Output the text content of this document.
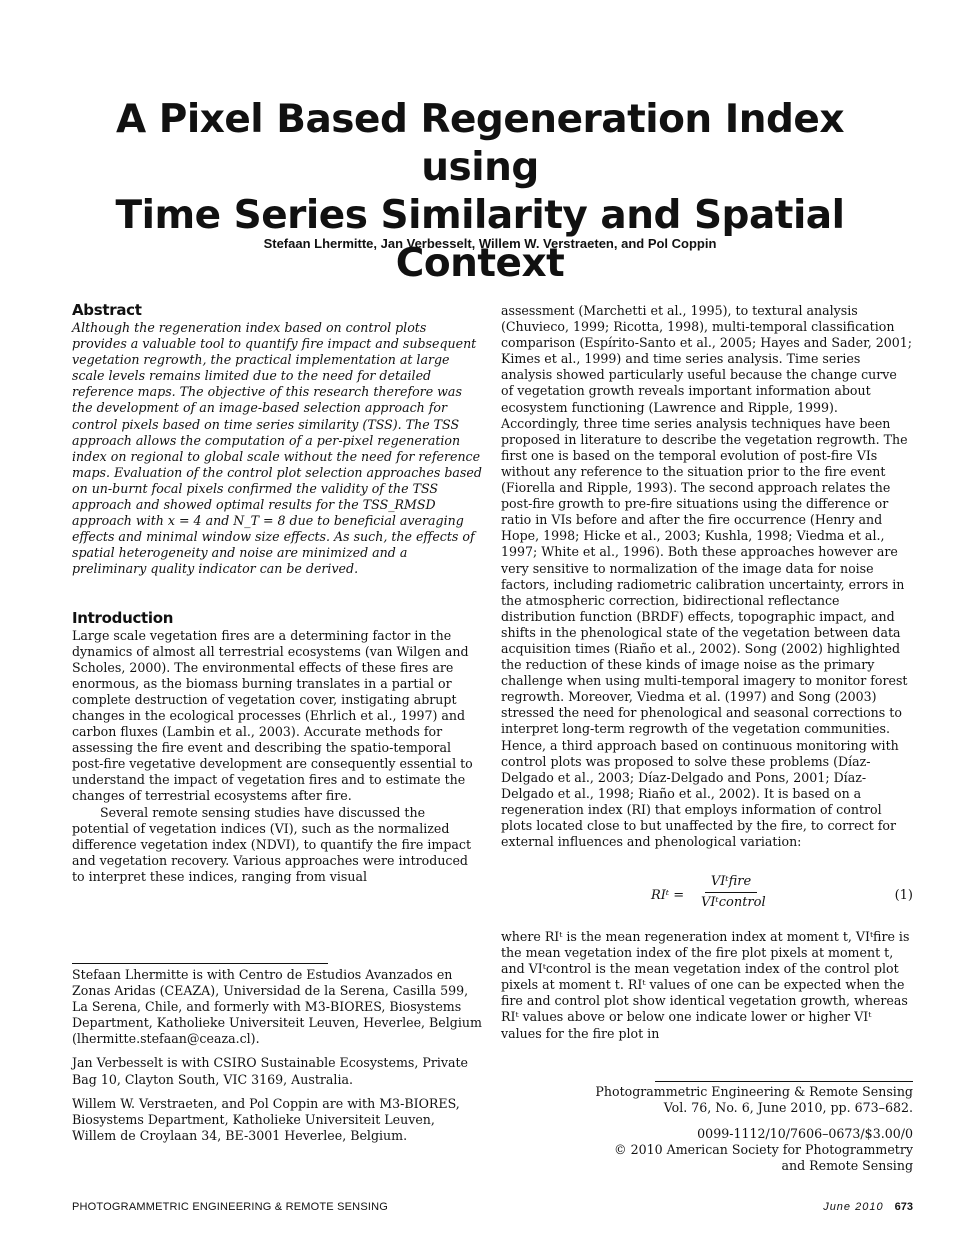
A Pixel Based Regeneration Index using
Time Series Similarity and Spatial Context
Stefaan Lhermitte, Jan Verbesselt, Willem W. Verstraeten, and Pol Coppin
Abstract

Although the regeneration index based on control plots provides a valuable tool to quantify fire impact and subsequent vegetation regrowth, the practical implementation at large scale levels remains limited due to the need for detailed reference maps. The objective of this research therefore was the development of an image-based selection approach for control pixels based on time series similarity (TSS). The TSS approach allows the computation of a per-pixel regeneration index on regional to global scale without the need for reference maps. Evaluation of the control plot selection approaches based on un-burnt focal pixels confirmed the validity of the TSS approach and showed optimal results for the TSS_RMSD approach with x = 4 and N_T = 8 due to beneficial averaging effects and minimal window size effects. As such, the effects of spatial heterogeneity and noise are minimized and a preliminary quality indicator can be derived.

Introduction

Large scale vegetation fires are a determining factor in the dynamics of almost all terrestrial ecosystems (van Wilgen and Scholes, 2000). The environmental effects of these fires are enormous, as the biomass burning translates in a partial or complete destruction of vegetation cover, instigating abrupt changes in the ecological processes (Ehrlich et al., 1997) and carbon fluxes (Lambin et al., 2003). Accurate methods for assessing the fire event and describing the spatio-temporal post-fire vegetative development are consequently essential to understand the impact of vegetation fires and to estimate the changes of terrestrial ecosystems after fire.

Several remote sensing studies have discussed the potential of vegetation indices (VI), such as the normalized difference vegetation index (NDVI), to quantify the fire impact and vegetation recovery. Various approaches were introduced to interpret these indices, ranging from visual

Stefaan Lhermitte is with Centro de Estudios Avanzados en Zonas Aridas (CEAZA), Universidad de la Serena, Casilla 599, La Serena, Chile, and formerly with M3-BIORES, Biosystems Department, Katholieke Universiteit Leuven, Heverlee, Belgium (lhermitte.stefaan@ceaza.cl).

Jan Verbesselt is with CSIRO Sustainable Ecosystems, Private Bag 10, Clayton South, VIC 3169, Australia.

Willem W. Verstraeten, and Pol Coppin are with M3-BIORES, Biosystems Department, Katholieke Universiteit Leuven, Willem de Croylaan 34, BE-3001 Heverlee, Belgium.

assessment (Marchetti et al., 1995), to textural analysis (Chuvieco, 1999; Ricotta, 1998), multi-temporal classification comparison (Espírito-Santo et al., 2005; Hayes and Sader, 2001; Kimes et al., 1999) and time series analysis. Time series analysis showed particularly useful because the change curve of vegetation growth reveals important information about ecosystem functioning (Lawrence and Ripple, 1999). Accordingly, three time series analysis techniques have been proposed in literature to describe the vegetation regrowth. The first one is based on the temporal evolution of post-fire VIs without any reference to the situation prior to the fire event (Fiorella and Ripple, 1993). The second approach relates the post-fire growth to pre-fire situations using the difference or ratio in VIs before and after the fire occurrence (Henry and Hope, 1998; Hicke et al., 2003; Kushla, 1998; Viedma et al., 1997; White et al., 1996). Both these approaches however are very sensitive to normalization of the image data for noise factors, including radiometric calibration uncertainty, errors in the atmospheric correction, bidirectional reflectance distribution function (BRDF) effects, topographic impact, and shifts in the phenological state of the vegetation between data acquisition times (Riaño et al., 2002). Song (2002) highlighted the reduction of these kinds of image noise as the primary challenge when using multi-temporal imagery to monitor forest regrowth. Moreover, Viedma et al. (1997) and Song (2003) stressed the need for phenological and seasonal corrections to interpret long-term regrowth of the vegetation communities. Hence, a third approach based on continuous monitoring with control plots was proposed to solve these problems (Díaz-Delgado et al., 2003; Díaz-Delgado and Pons, 2001; Díaz-Delgado et al., 1998; Riaño et al., 2002). It is based on a regeneration index (RI) that employs information of control plots located close to but unaffected by the fire, to correct for external influences and phenological variation:

RIᵗ =
VIᵗfire
VIᵗcontrol	(1)

where RIᵗ is the mean regeneration index at moment t, VIᵗfire is the mean vegetation index of the fire plot pixels at moment t, and VIᵗcontrol is the mean vegetation index of the control plot pixels at moment t. RIᵗ values of one can be expected when the fire and control plot show identical vegetation growth, whereas RIᵗ values above or below one indicate lower or higher VIᵗ values for the fire plot in

Photogrammetric Engineering & Remote Sensing

Vol. 76, No. 6, June 2010, pp. 673–682.

0099-1112/10/7606–0673/$3.00/0

© 2010 American Society for Photogrammetry

and Remote Sensing

PHOTOGRAMMETRIC ENGINEERING & REMOTE SENSING	June 2010 673
